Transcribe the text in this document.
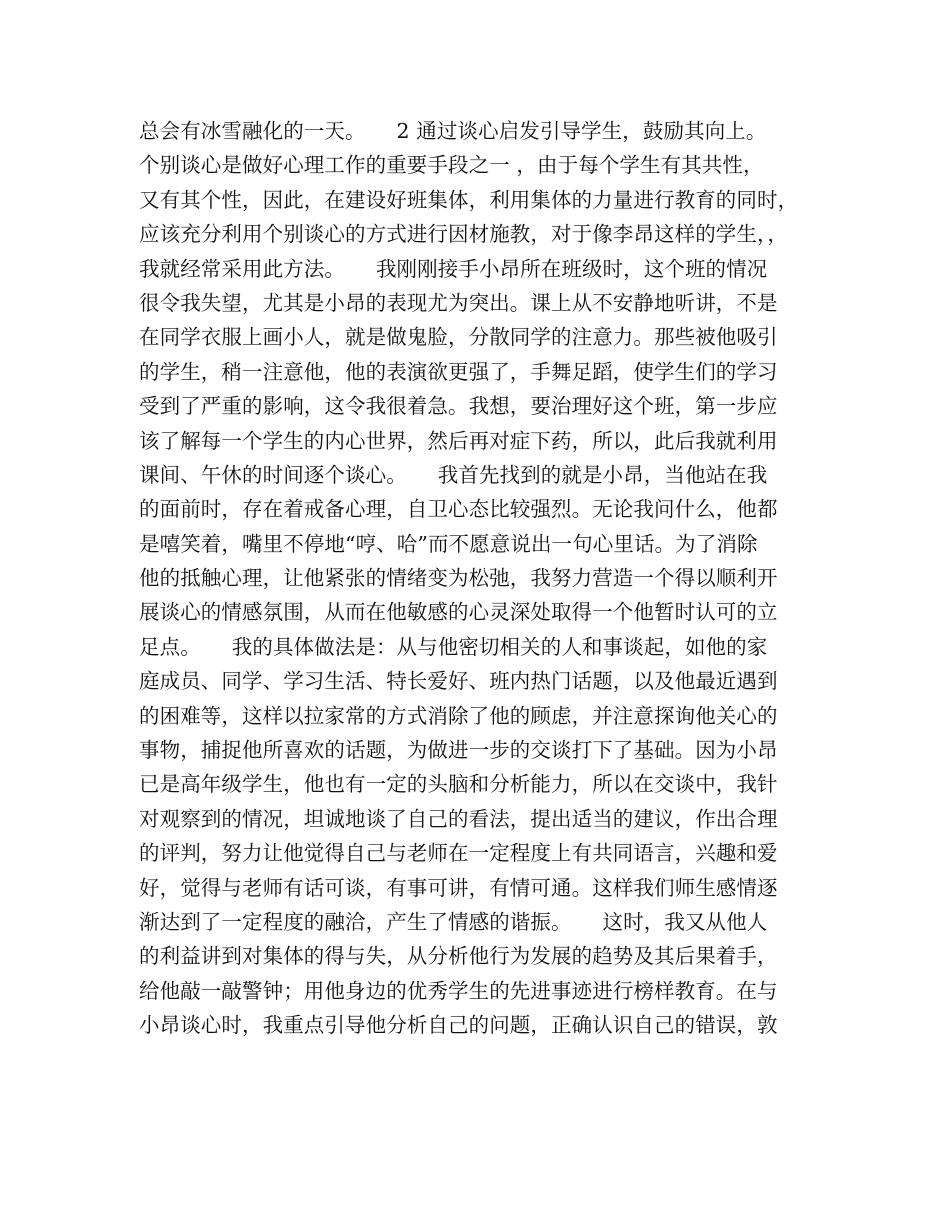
总会有冰雪融化的一天。　　2 通过谈心启发引导学生，鼓励其向上。
个别谈心是做好心理工作的重要手段之一 ，由于每个学生有其共性，
又有其个性，因此，在建设好班集体，利用集体的力量进行教育的同时，
应该充分利用个别谈心的方式进行因材施教，对于像李昂这样的学生，，
我就经常采用此方法。　　我刚刚接手小昂所在班级时，这个班的情况
很令我失望，尤其是小昂的表现尤为突出。课上从不安静地听讲，不是
在同学衣服上画小人，就是做鬼脸，分散同学的注意力。那些被他吸引
的学生，稍一注意他，他的表演欲更强了，手舞足蹈，使学生们的学习
受到了严重的影响，这令我很着急。我想，要治理好这个班，第一步应
该了解每一个学生的内心世界，然后再对症下药，所以，此后我就利用
课间、午休的时间逐个谈心。　　我首先找到的就是小昂，当他站在我
的面前时，存在着戒备心理，自卫心态比较强烈。无论我问什么，他都
是嘻笑着，嘴里不停地“哼、哈”而不愿意说出一句心里话。为了消除
他的抵触心理，让他紧张的情绪变为松弛，我努力营造一个得以顺利开
展谈心的情感氛围，从而在他敏感的心灵深处取得一个他暂时认可的立
足点。　　我的具体做法是：从与他密切相关的人和事谈起，如他的家
庭成员、同学、学习生活、特长爱好、班内热门话题，以及他最近遇到
的困难等，这样以拉家常的方式消除了他的顾虑，并注意探询他关心的
事物，捕捉他所喜欢的话题，为做进一步的交谈打下了基础。因为小昂
已是高年级学生，他也有一定的头脑和分析能力，所以在交谈中，我针
对观察到的情况，坦诚地谈了自己的看法，提出适当的建议，作出合理
的评判，努力让他觉得自己与老师在一定程度上有共同语言，兴趣和爱
好，觉得与老师有话可谈，有事可讲，有情可通。这样我们师生感情逐
渐达到了一定程度的融洽，产生了情感的谐振。　　这时，我又从他人
的利益讲到对集体的得与失，从分析他行为发展的趋势及其后果着手，
给他敲一敲警钟；用他身边的优秀学生的先进事迹进行榜样教育。在与
小昂谈心时，我重点引导他分析自己的问题，正确认识自己的错误，敦
